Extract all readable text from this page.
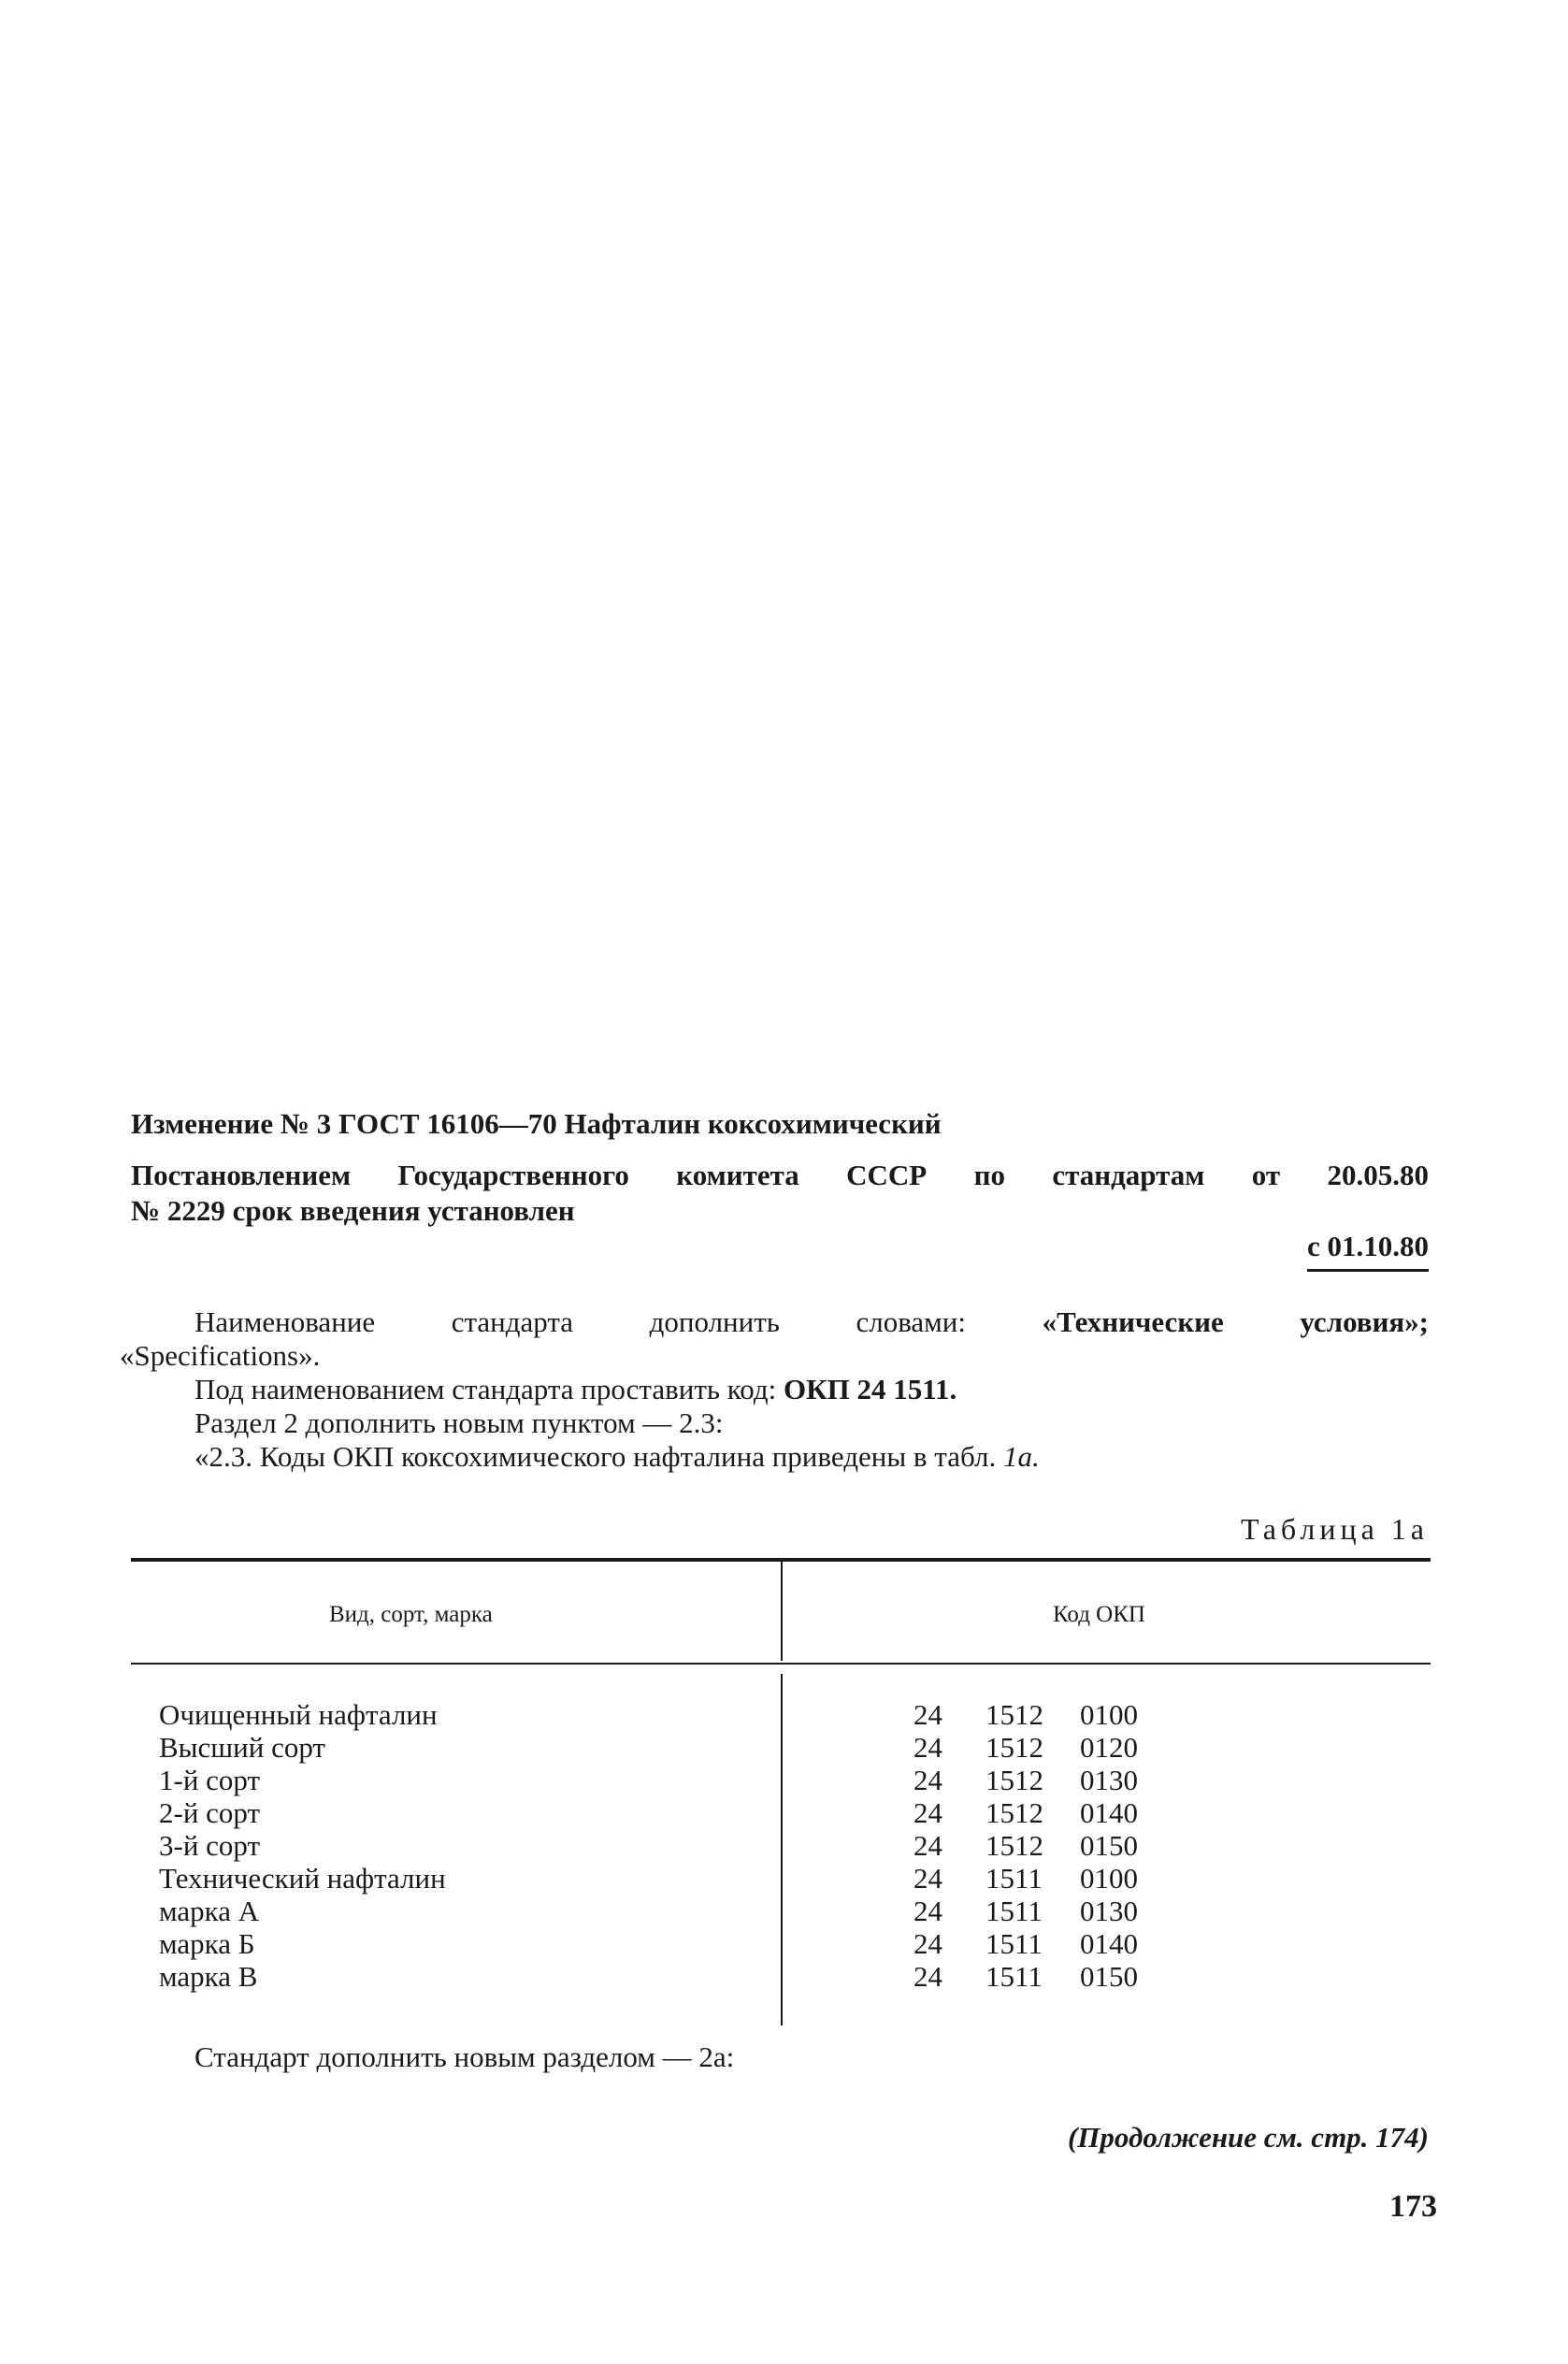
Изменение № 3 ГОСТ 16106—70 Нафталин коксохимический
Постановлением Государственного комитета СССР по стандартам от 20.05.80
№ 2229 срок введения установлен
с 01.10.80
Наименование	стандарта	дополнить	словами:	«Технические	условия»;
«Specifications».
Под наименованием стандарта проставить код: ОКП 24 1511.
Раздел 2 дополнить новым пунктом — 2.3:
«2.3. Коды ОКП коксохимического нафталина приведены в табл. 1а.
Таблица 1а
Вид, сорт, марка	Код ОКП
Очищенный нафталин	24 1512 0100
Высший сорт	24 1512 0120
1-й сорт	24 1512 0130
2-й сорт	24 1512 0140
3-й сорт	24 1512 0150
Технический нафталин	24 1511 0100
марка А	24 1511 0130
марка Б	24 1511 0140
марка В	24 1511 0150
Стандарт дополнить новым разделом — 2а:
(Продолжение см. стр. 174)
173
